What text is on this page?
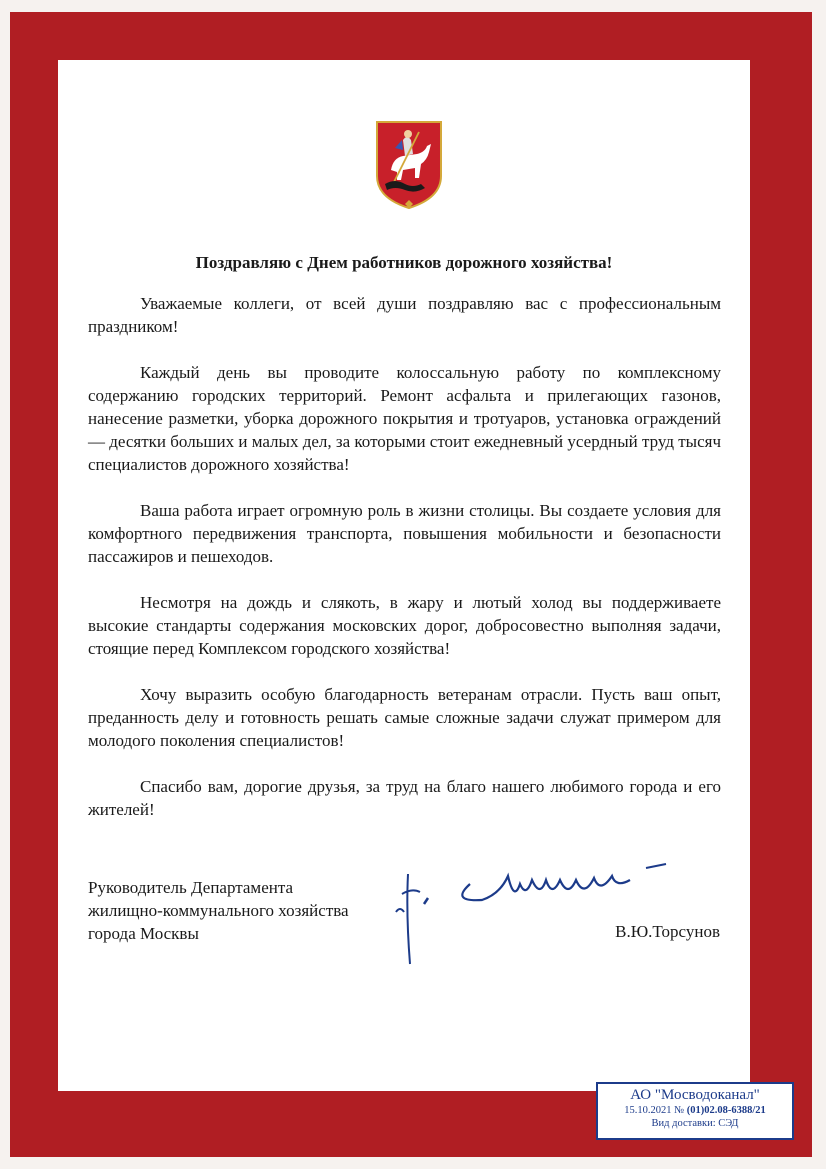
Поздравляю с Днем работников дорожного хозяйства!

Уважаемые коллеги, от всей души поздравляю вас с профессиональным праздником!

Каждый день вы проводите колоссальную работу по комплексному содержанию городских территорий. Ремонт асфальта и прилегающих газонов, нанесение разметки, уборка дорожного покрытия и тротуаров, установка ограждений — десятки больших и малых дел, за которыми стоит ежедневный усердный труд тысяч специалистов дорожного хозяйства!

Ваша работа играет огромную роль в жизни столицы. Вы создаете условия для комфортного передвижения транспорта, повышения мобильности и безопасности пассажиров и пешеходов.

Несмотря на дождь и слякоть, в жару и лютый холод вы поддерживаете высокие стандарты содержания московских дорог, добросовестно выполняя задачи, стоящие перед Комплексом городского хозяйства!

Хочу выразить особую благодарность ветеранам отрасли. Пусть ваш опыт, преданность делу и готовность решать самые сложные задачи служат примером для молодого поколения специалистов!

Спасибо вам, дорогие друзья, за труд на благо нашего любимого города и его жителей!

Руководитель Департамента
жилищно-коммунального хозяйства
города Москвы	В.Ю.Торсунов
АО "Мосводоканал"
15.10.2021 № (01)02.08-6388/21
Вид доставки: СЭД
